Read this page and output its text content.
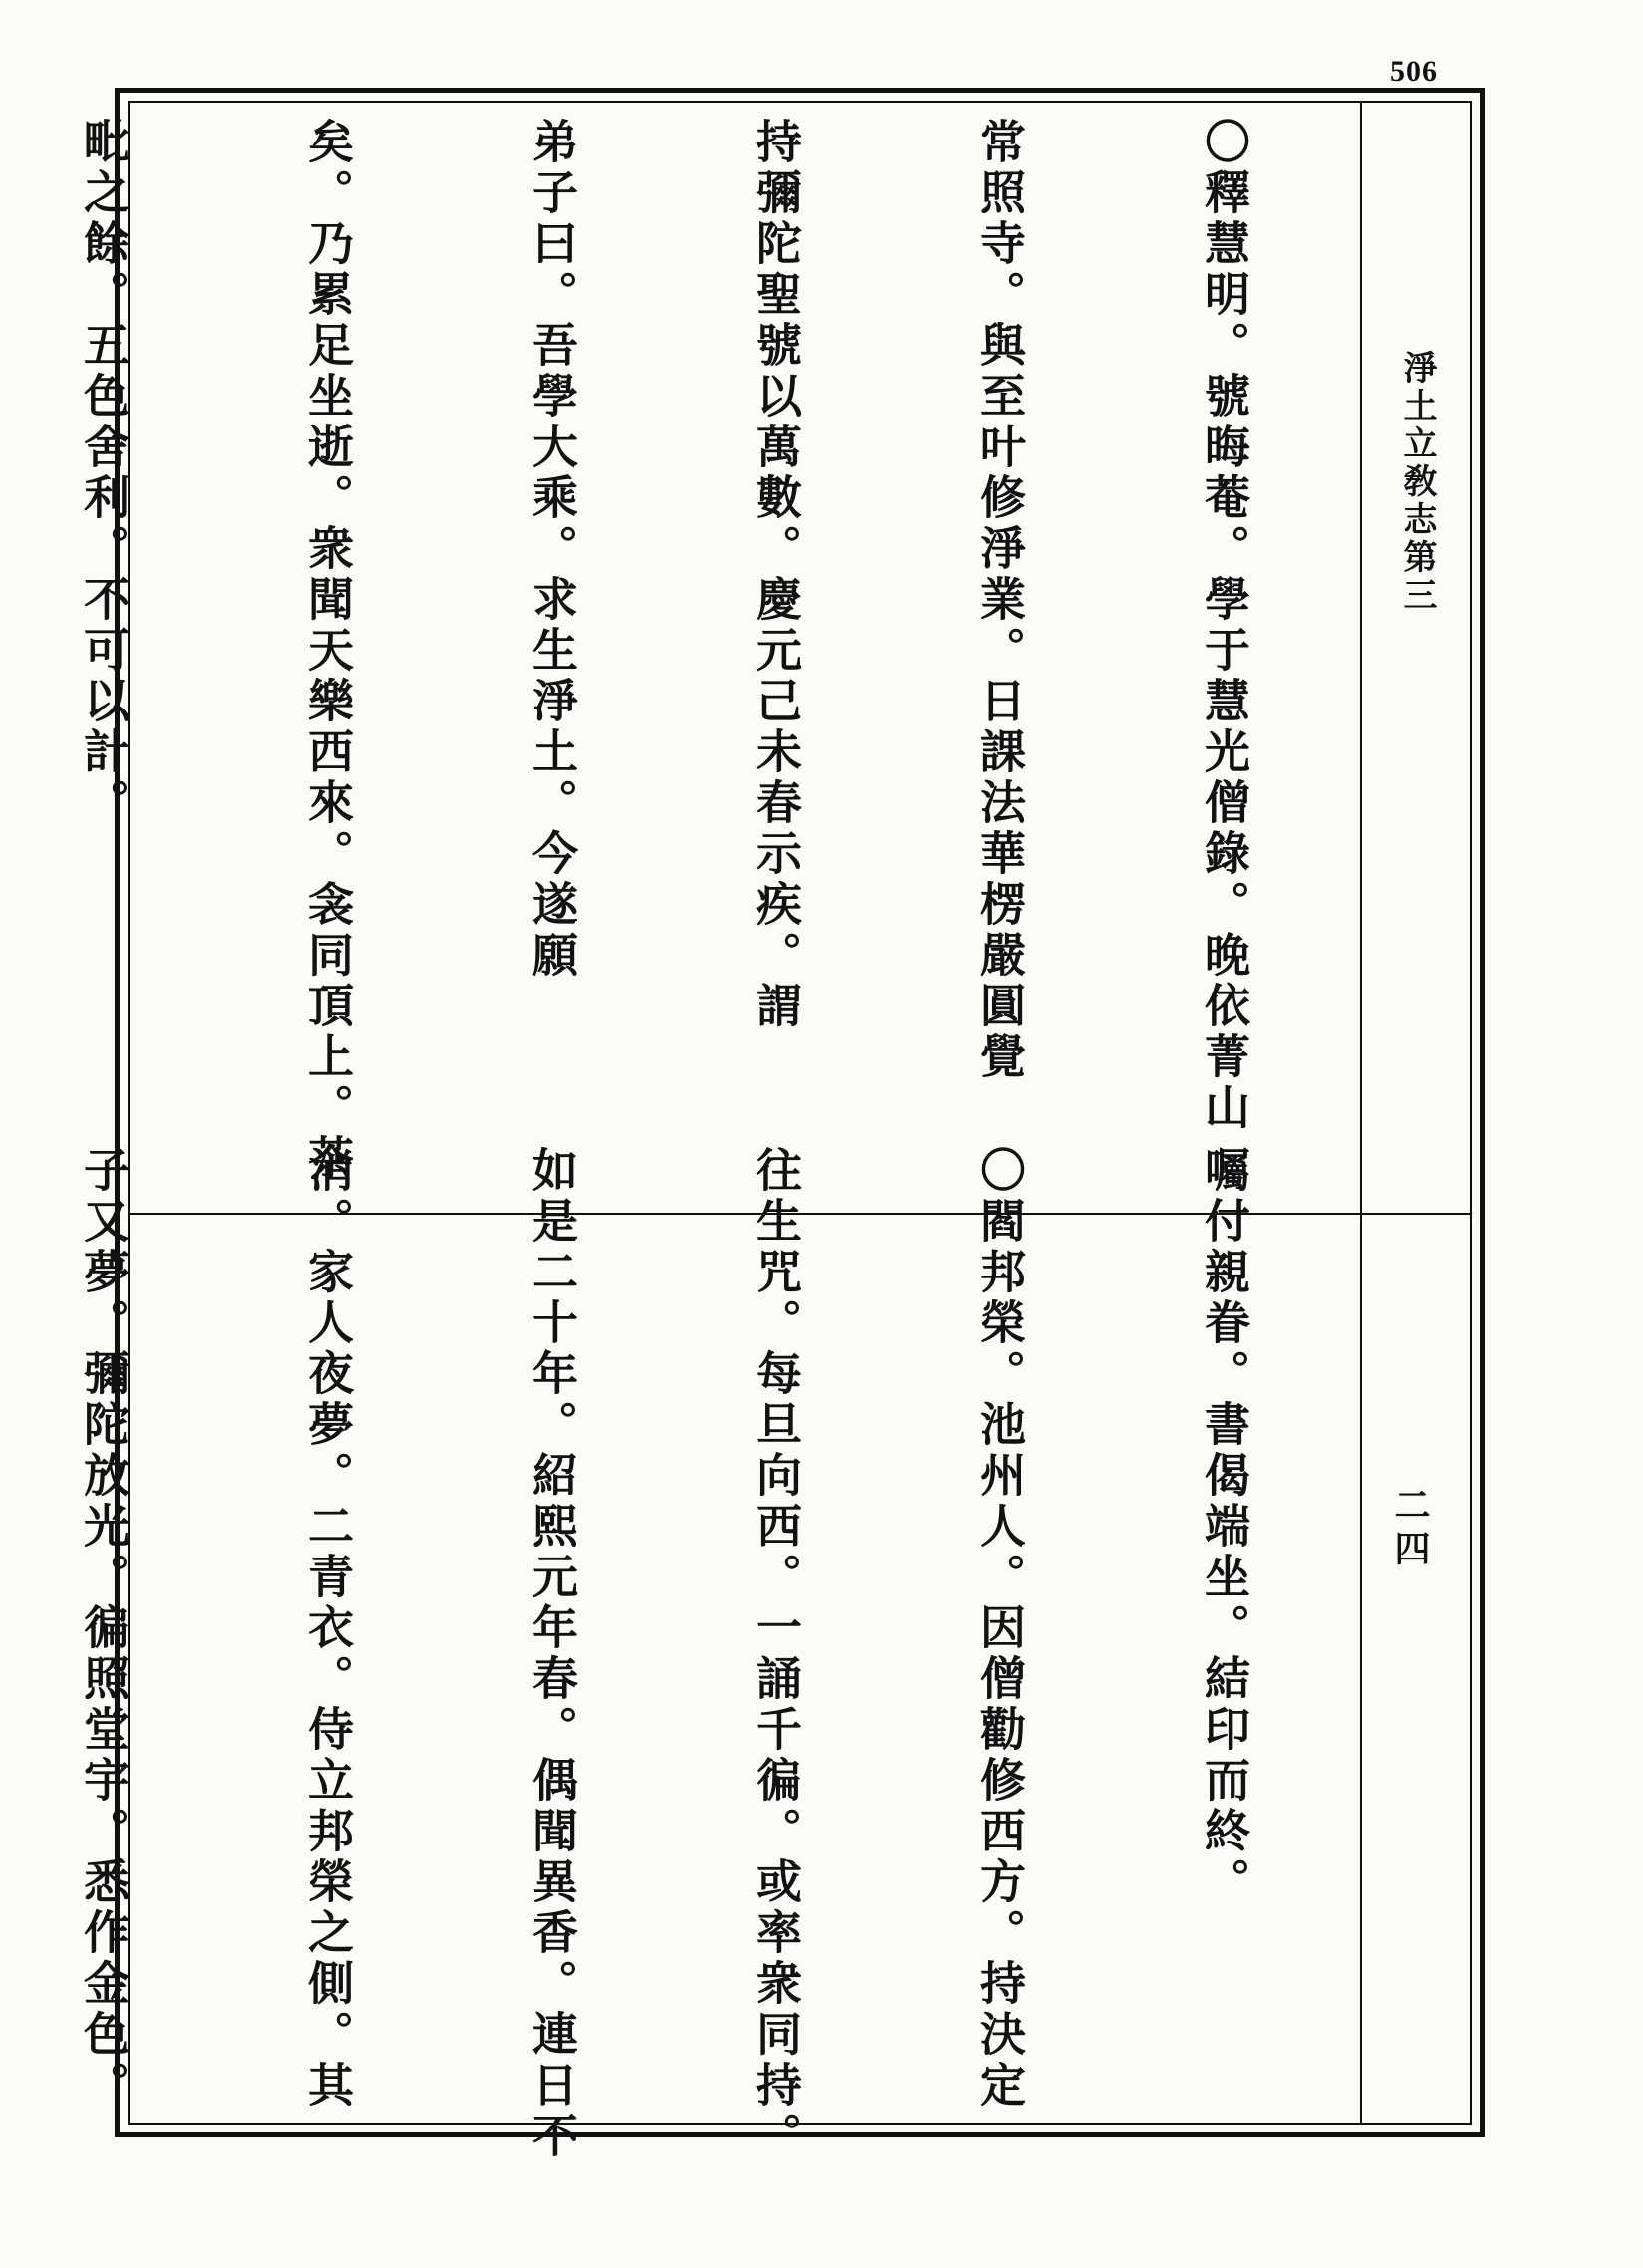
506
淨土立敎志第三
二四

〇釋慧明。號晦菴。學于慧光僧錄。晚依菁山

常照寺。與至叶修淨業。日課法華楞嚴圓覺

持彌陀聖號以萬數。慶元己未春示疾。謂

弟子曰。吾學大乘。求生淨土。今遂願

矣。乃累足坐逝。衆聞天樂西來。衾同頂上。茶

毗之餘。五色舍利。不可以計。

囑付親眷。書偈端坐。結印而終。

〇閻邦榮。池州人。因僧勸修西方。持決定

往生咒。每旦向西。一誦千徧。或率衆同持。

如是二十年。紹熙元年春。偶聞異香。連日不

消。家人夜夢。二青衣。侍立邦榮之側。其

子又夢。彌陀放光。徧照堂宇。悉作金色。
